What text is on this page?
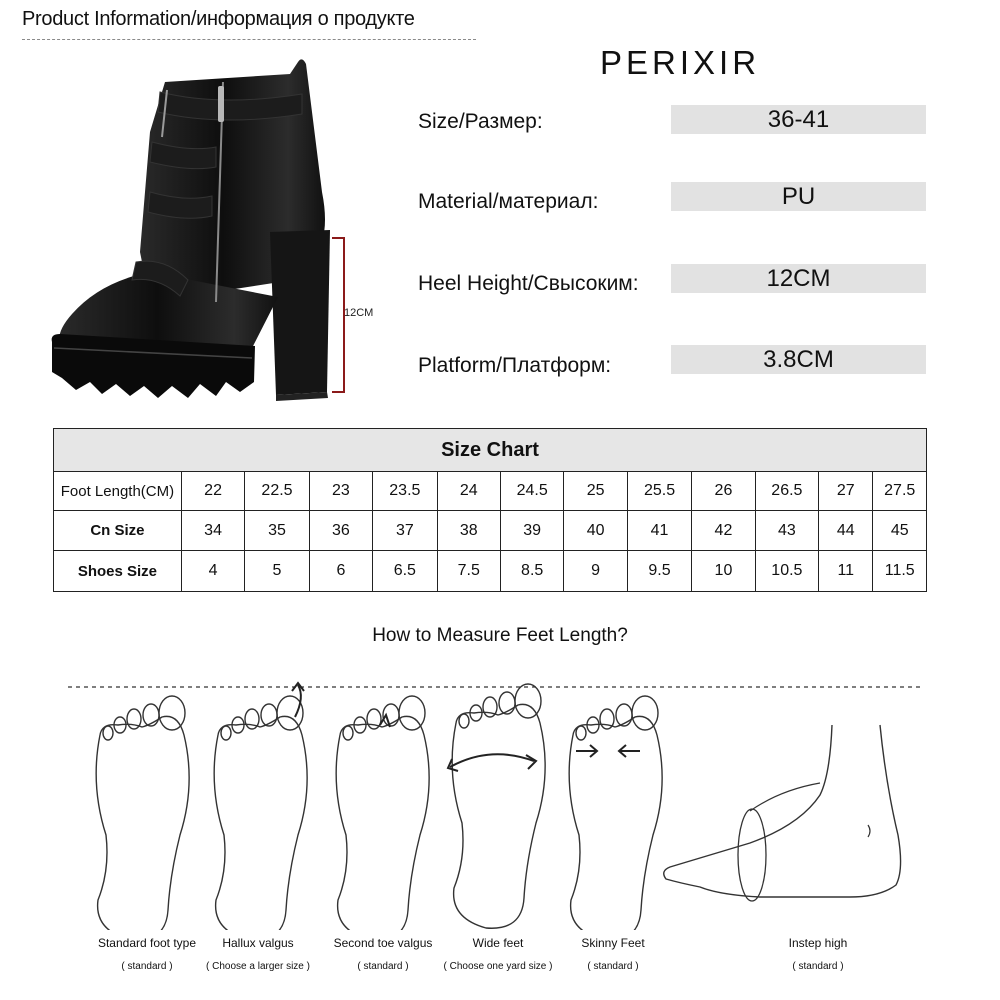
Product Information/информация о продукте
PERIXIR
Size/Размер:	36-41
Material/материал:	PU
Heel Height/Свысоким:	12CM
Platform/Платформ:	3.8CM
12CM
Size Chart												
Foot Length(CM)	22	22.5	23	23.5	24	24.5	25	25.5	26	26.5	27	27.5
Cn Size	34	35	36	37	38	39	40	41	42	43	44	45
Shoes Size	4	5	6	6.5	7.5	8.5	9	9.5	10	10.5	11	11.5
How to Measure Feet Length?
Standard foot type
( standard )
Hallux valgus
( Choose a larger size )
Second toe valgus
( standard )
Wide feet
( Choose one yard size )
Skinny Feet
( standard )
Instep high
( standard )
